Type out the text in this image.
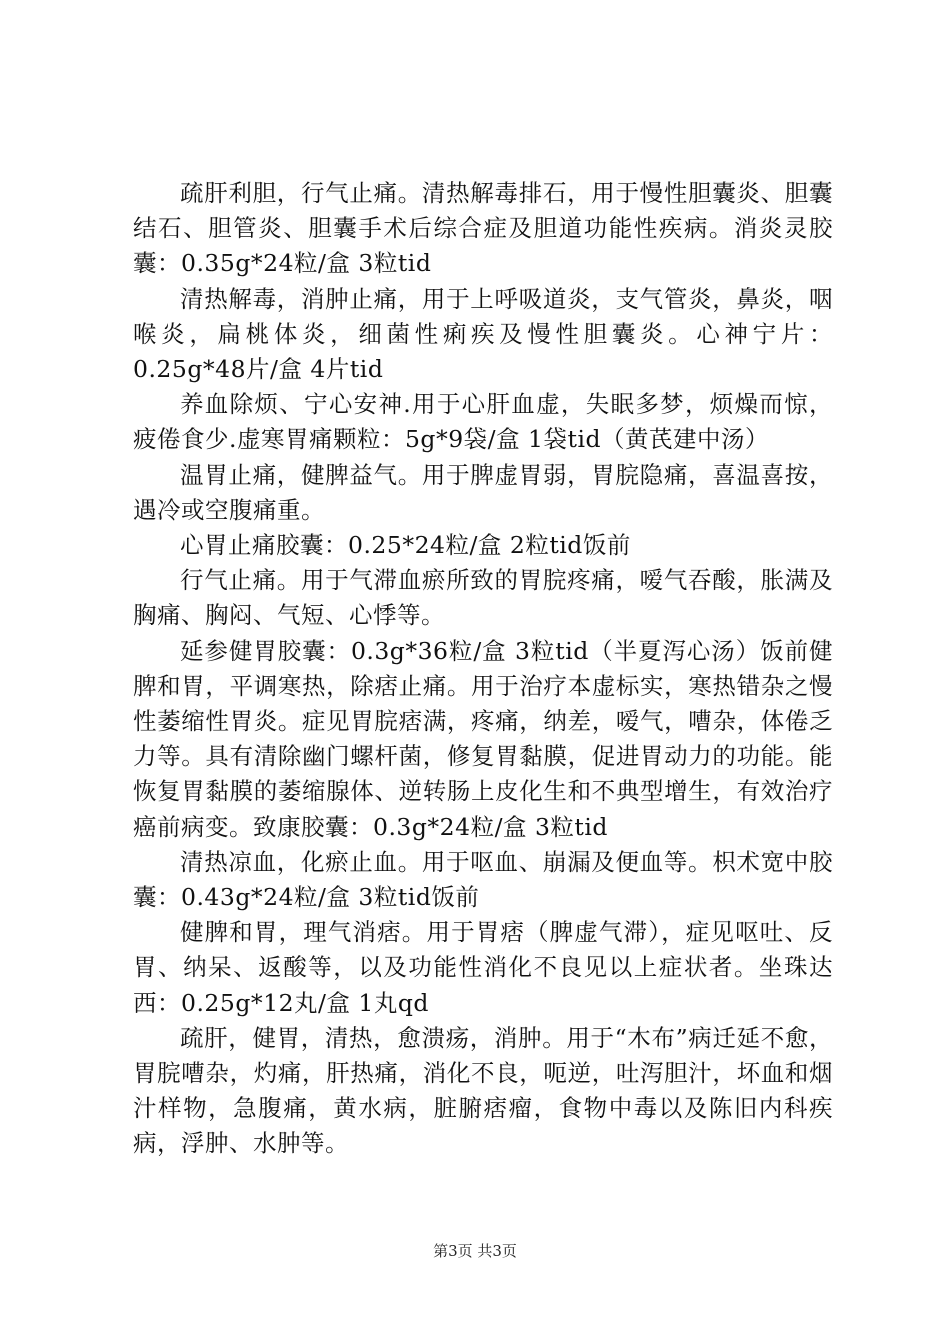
疏肝利胆，行气止痛。清热解毒排石，用于慢性胆囊炎、胆囊结石、胆管炎、胆囊手术后综合症及胆道功能性疾病。消炎灵胶囊：0.35g*24粒/盒 3粒tid

清热解毒，消肿止痛，用于上呼吸道炎，支气管炎，鼻炎，咽喉炎，扁桃体炎，细菌性痢疾及慢性胆囊炎。心神宁片：0.25g*48片/盒 4片tid

养血除烦、宁心安神.用于心肝血虚，失眠多梦，烦燥而惊，疲倦食少.虚寒胃痛颗粒：5g*9袋/盒 1袋tid（黄芪建中汤）

温胃止痛，健脾益气。用于脾虚胃弱，胃脘隐痛，喜温喜按，遇冷或空腹痛重。

心胃止痛胶囊：0.25*24粒/盒 2粒tid饭前

行气止痛。用于气滞血瘀所致的胃脘疼痛，嗳气吞酸，胀满及胸痛、胸闷、气短、心悸等。

延参健胃胶囊：0.3g*36粒/盒 3粒tid（半夏泻心汤）饭前健脾和胃，平调寒热，除痞止痛。用于治疗本虚标实，寒热错杂之慢性萎缩性胃炎。症见胃脘痞满，疼痛，纳差，嗳气，嘈杂，体倦乏力等。具有清除幽门螺杆菌，修复胃黏膜，促进胃动力的功能。能恢复胃黏膜的萎缩腺体、逆转肠上皮化生和不典型增生，有效治疗癌前病变。致康胶囊：0.3g*24粒/盒 3粒tid

清热凉血，化瘀止血。用于呕血、崩漏及便血等。枳术宽中胶囊：0.43g*24粒/盒 3粒tid饭前

健脾和胃，理气消痞。用于胃痞（脾虚气滞），症见呕吐、反胃、纳呆、返酸等，以及功能性消化不良见以上症状者。坐珠达西：0.25g*12丸/盒 1丸qd

疏肝，健胃，清热，愈溃疡，消肿。用于“木布”病迁延不愈，胃脘嘈杂，灼痛，肝热痛，消化不良，呃逆，吐泻胆汁，坏血和烟汁样物，急腹痛，黄水病，脏腑痞瘤，食物中毒以及陈旧内科疾病，浮肿、水肿等。

第3页 共3页
